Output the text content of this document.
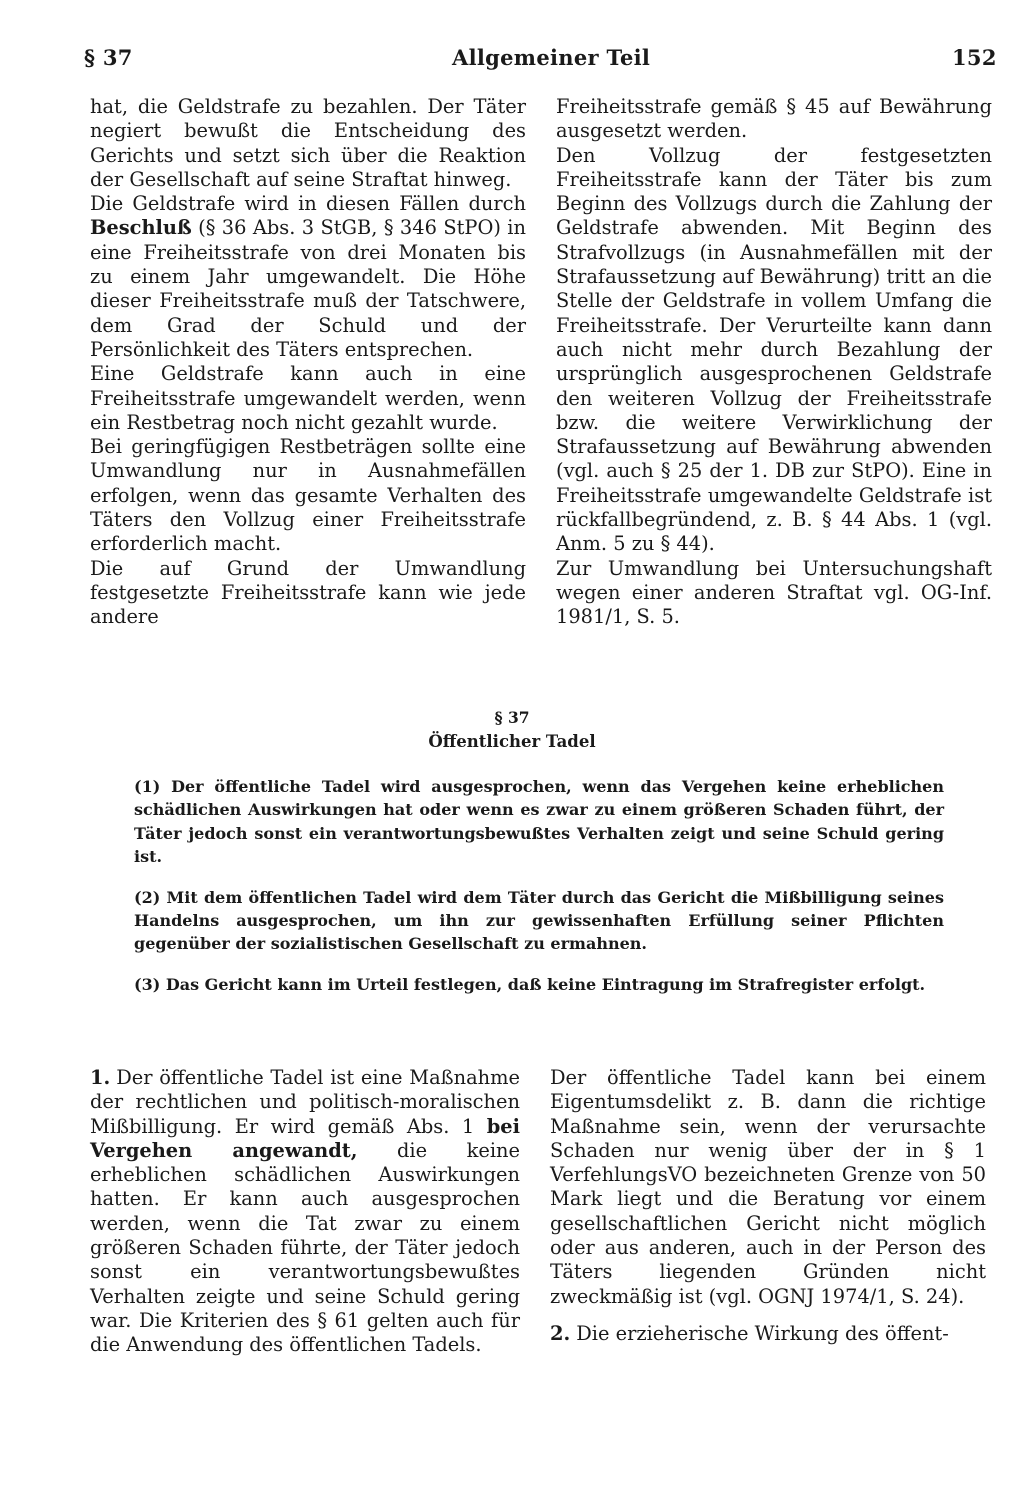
§ 37	Allgemeiner Teil	152

hat, die Geldstrafe zu bezahlen. Der Täter negiert bewußt die Entscheidung des Gerichts und setzt sich über die Reaktion der Gesellschaft auf seine Straftat hinweg.

Die Geldstrafe wird in diesen Fällen durch Beschluß (§ 36 Abs. 3 StGB, § 346 StPO) in eine Freiheitsstrafe von drei Monaten bis zu einem Jahr umgewandelt. Die Höhe dieser Freiheitsstrafe muß der Tatschwere, dem Grad der Schuld und der Persönlichkeit des Täters entsprechen.

Eine Geldstrafe kann auch in eine Freiheitsstrafe umgewandelt werden, wenn ein Restbetrag noch nicht gezahlt wurde.

Bei geringfügigen Restbeträgen sollte eine Umwandlung nur in Ausnahmefällen erfolgen, wenn das gesamte Verhalten des Täters den Vollzug einer Freiheitsstrafe erforderlich macht.

Die auf Grund der Umwandlung festgesetzte Freiheitsstrafe kann wie jede andere

Freiheitsstrafe gemäß § 45 auf Bewährung ausgesetzt werden.

Den Vollzug der festgesetzten Freiheitsstrafe kann der Täter bis zum Beginn des Vollzugs durch die Zahlung der Geldstrafe abwenden. Mit Beginn des Strafvollzugs (in Ausnahmefällen mit der Strafaussetzung auf Bewährung) tritt an die Stelle der Geldstrafe in vollem Umfang die Freiheitsstrafe. Der Verurteilte kann dann auch nicht mehr durch Bezahlung der ursprünglich ausgesprochenen Geldstrafe den weiteren Vollzug der Freiheitsstrafe bzw. die weitere Verwirklichung der Strafaussetzung auf Bewährung abwenden (vgl. auch § 25 der 1. DB zur StPO). Eine in Freiheitsstrafe umgewandelte Geldstrafe ist rückfallbegründend, z. B. § 44 Abs. 1 (vgl. Anm. 5 zu § 44).

Zur Umwandlung bei Untersuchungshaft wegen einer anderen Straftat vgl. OG-Inf. 1981/1, S. 5.

§ 37
Öffentlicher Tadel

(1) Der öffentliche Tadel wird ausgesprochen, wenn das Vergehen keine erheblichen schädlichen Auswirkungen hat oder wenn es zwar zu einem größeren Schaden führt, der Täter jedoch sonst ein verantwortungsbewußtes Verhalten zeigt und seine Schuld gering ist.

(2) Mit dem öffentlichen Tadel wird dem Täter durch das Gericht die Mißbilligung seines Handelns ausgesprochen, um ihn zur gewissenhaften Erfüllung seiner Pflichten gegenüber der sozialistischen Gesellschaft zu ermahnen.

(3) Das Gericht kann im Urteil festlegen, daß keine Eintragung im Strafregister erfolgt.

1. Der öffentliche Tadel ist eine Maßnahme der rechtlichen und politisch-moralischen Mißbilligung. Er wird gemäß Abs. 1 bei Vergehen angewandt, die keine erheblichen schädlichen Auswirkungen hatten. Er kann auch ausgesprochen werden, wenn die Tat zwar zu einem größeren Schaden führte, der Täter jedoch sonst ein verantwortungsbewußtes Verhalten zeigte und seine Schuld gering war. Die Kriterien des § 61 gelten auch für die Anwendung des öffentlichen Tadels.

Der öffentliche Tadel kann bei einem Eigentumsdelikt z. B. dann die richtige Maßnahme sein, wenn der verursachte Schaden nur wenig über der in § 1 VerfehlungsVO bezeichneten Grenze von 50 Mark liegt und die Beratung vor einem gesellschaftlichen Gericht nicht möglich oder aus anderen, auch in der Person des Täters liegenden Gründen nicht zweckmäßig ist (vgl. OGNJ 1974/1, S. 24).

2. Die erzieherische Wirkung des öffent-
